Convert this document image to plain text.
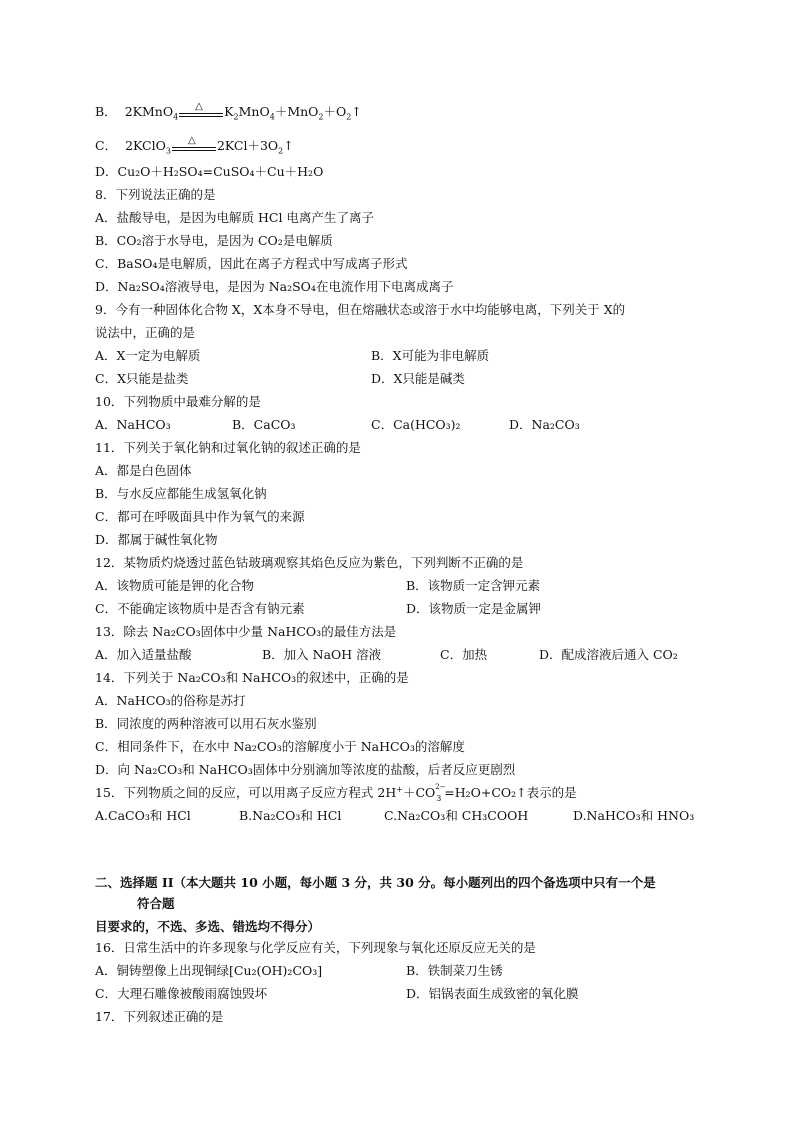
B． 2KMnO$_4$
△ $K_2MnO_4+MnO_2+O_2↑$
C． 2KClO$_3$
△ $2KCl+3O_2↑$
D．Cu₂O＋H₂SO₄=CuSO₄＋Cu＋H₂O
8．下列说法正确的是
A．盐酸导电，是因为电解质 HCl 电离产生了离子
B．CO₂溶于水导电，是因为 CO₂是电解质
C．BaSO₄是电解质，因此在离子方程式中写成离子形式
D．Na₂SO₄溶液导电，是因为 Na₂SO₄在电流作用下电离成离子
9．今有一种固体化合物 X，X本身不导电，但在熔融状态或溶于水中均能够电离，下列关于 X的
说法中，正确的是
A．X一定为电解质	B．X可能为非电解质
C．X只能是盐类	D．X只能是碱类
10．下列物质中最难分解的是
A．NaHCO₃	B．CaCO₃	C．Ca(HCO₃)₂	D．Na₂CO₃
11．下列关于氧化钠和过氧化钠的叙述正确的是
A．都是白色固体
B．与水反应都能生成氢氧化钠
C．都可在呼吸面具中作为氧气的来源
D．都属于碱性氧化物
12．某物质灼烧透过蓝色钴玻璃观察其焰色反应为紫色，下列判断不正确的是
A．该物质可能是钾的化合物	B．该物质一定含钾元素
C．不能确定该物质中是否含有钠元素	D．该物质一定是金属钾
13．除去 Na₂CO₃固体中少量 NaHCO₃的最佳方法是
A．加入适量盐酸	B．加入 NaOH 溶液	C．加热	D．配成溶液后通入 CO₂
14．下列关于 Na₂CO₃和 NaHCO₃的叙述中，正确的是
A．NaHCO₃的俗称是苏打
B．同浓度的两种溶液可以用石灰水鉴别
C．相同条件下，在水中 Na₂CO₃的溶解度小于 NaHCO₃的溶解度
D．向 Na₂CO₃和 NaHCO₃固体中分别滴加等浓度的盐酸，后者反应更剧烈
15．下列物质之间的反应，可以用离子反应方程式 2H+＋CO 2−
3 =H₂O+CO₂↑表示的是
A.CaCO₃和 HCl	B.Na₂CO₃和 HCl	C.Na₂CO₃和 CH₃COOH	D.NaHCO₃和 HNO₃
二、选择题 II（本大题共 10 小题，每小题 3 分，共 30 分。每小题列出的四个备选项中只有一个是
符合题
目要求的，不选、多选、错选均不得分）
16．日常生活中的许多现象与化学反应有关，下列现象与氧化还原反应无关的是
A．铜铸塑像上出现铜绿[Cu₂(OH)₂CO₃]	B．铁制菜刀生锈
C．大理石雕像被酸雨腐蚀毁坏	D．铝锅表面生成致密的氧化膜
17．下列叙述正确的是
